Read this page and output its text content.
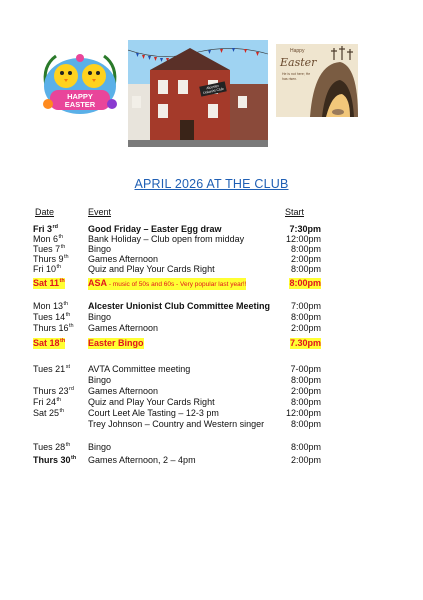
HAPPY EASTER
Alcester Unionist Club
Happy
Easter
He is not here; He has risen.
APRIL 2026 AT THE CLUB
Date	Event	Start
Fri 3rd	Good Friday – Easter Egg draw	7:30pm
Mon 6th	Bank Holiday – Club open from midday	12:00pm
Tues 7th	Bingo	8:00pm
Thurs 9th Games Afternoon	2:00pm
Fri 10th	Quiz and Play Your Cards Right	8:00pm
Sat 11th	ASA - music of 50s and 60s - Very popular last year!!	8:00pm
Mon 13th Alcester Unionist Club Committee Meeting 7:00pm
Tues 14th Bingo	8:00pm
Thurs 16th Games Afternoon	2:00pm
Sat 18th	Easter Bingo	7.30pm
Tues 21st AVTA Committee meeting	7-00pm
Bingo	8:00pm
Thurs 23rd Games Afternoon	2:00pm
Fri 24th	Quiz and Play Your Cards Right	8:00pm
Sat 25th	Court Leet Ale Tasting – 12-3 pm	12:00pm
Trey Johnson – Country and Western singer	8:00pm
Tues 28th Bingo	8:00pm
Thurs 30th Games Afternoon, 2 – 4pm	2:00pm
